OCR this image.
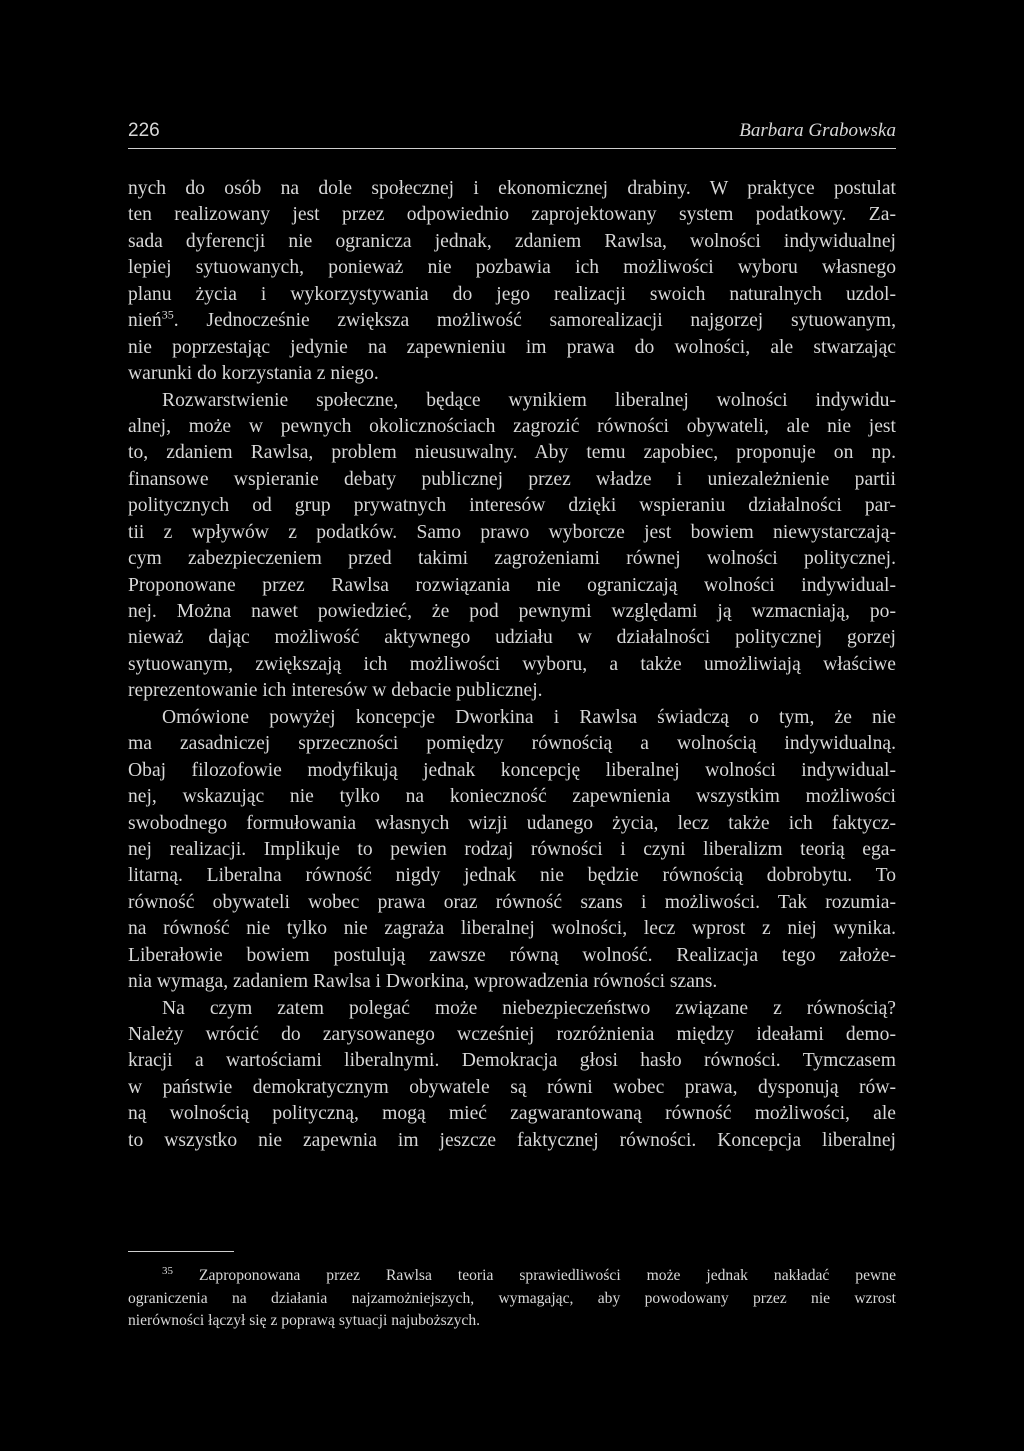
226	Barbara Grabowska
nych do osób na dole społecznej i ekonomicznej drabiny. W praktyce postulat
ten realizowany jest przez odpowiednio zaprojektowany system podatkowy. Za-
sada dyferencji nie ogranicza jednak, zdaniem Rawlsa, wolności indywidualnej
lepiej sytuowanych, ponieważ nie pozbawia ich możliwości wyboru własnego
planu życia i wykorzystywania do jego realizacji swoich naturalnych uzdol-
nień$^{35}$. Jednocześnie zwiększa możliwość samorealizacji najgorzej sytuowanym,
nie poprzestając jedynie na zapewnieniu im prawa do wolności, ale stwarzając
warunki do korzystania z niego.
Rozwarstwienie społeczne, będące wynikiem liberalnej wolności indywidu-
alnej, może w pewnych okolicznościach zagrozić równości obywateli, ale nie jest
to, zdaniem Rawlsa, problem nieusuwalny. Aby temu zapobiec, proponuje on np.
finansowe wspieranie debaty publicznej przez władze i uniezależnienie partii
politycznych od grup prywatnych interesów dzięki wspieraniu działalności par-
tii z wpływów z podatków. Samo prawo wyborcze jest bowiem niewystarczają-
cym zabezpieczeniem przed takimi zagrożeniami równej wolności politycznej.
Proponowane przez Rawlsa rozwiązania nie ograniczają wolności indywidual-
nej. Można nawet powiedzieć, że pod pewnymi względami ją wzmacniają, po-
nieważ dając możliwość aktywnego udziału w działalności politycznej gorzej
sytuowanym, zwiększają ich możliwości wyboru, a także umożliwiają właściwe
reprezentowanie ich interesów w debacie publicznej.
Omówione powyżej koncepcje Dworkina i Rawlsa świadczą o tym, że nie
ma zasadniczej sprzeczności pomiędzy równością a wolnością indywidualną.
Obaj filozofowie modyfikują jednak koncepcję liberalnej wolności indywidual-
nej, wskazując nie tylko na konieczność zapewnienia wszystkim możliwości
swobodnego formułowania własnych wizji udanego życia, lecz także ich faktycz-
nej realizacji. Implikuje to pewien rodzaj równości i czyni liberalizm teorią ega-
litarną. Liberalna równość nigdy jednak nie będzie równością dobrobytu. To
równość obywateli wobec prawa oraz równość szans i możliwości. Tak rozumia-
na równość nie tylko nie zagraża liberalnej wolności, lecz wprost z niej wynika.
Liberałowie bowiem postulują zawsze równą wolność. Realizacja tego założe-
nia wymaga, zadaniem Rawlsa i Dworkina, wprowadzenia równości szans.
Na czym zatem polegać może niebezpieczeństwo związane z równością?
Należy wrócić do zarysowanego wcześniej rozróżnienia między ideałami demo-
kracji a wartościami liberalnymi. Demokracja głosi hasło równości. Tymczasem
w państwie demokratycznym obywatele są równi wobec prawa, dysponują rów-
ną wolnością polityczną, mogą mieć zagwarantowaną równość możliwości, ale
to wszystko nie zapewnia im jeszcze faktycznej równości. Koncepcja liberalnej
$^{35}$ Zaproponowana przez Rawlsa teoria sprawiedliwości może jednak nakładać pewne
ograniczenia na działania najzamożniejszych, wymagając, aby powodowany przez nie wzrost
nierówności łączył się z poprawą sytuacji najuboższych.
